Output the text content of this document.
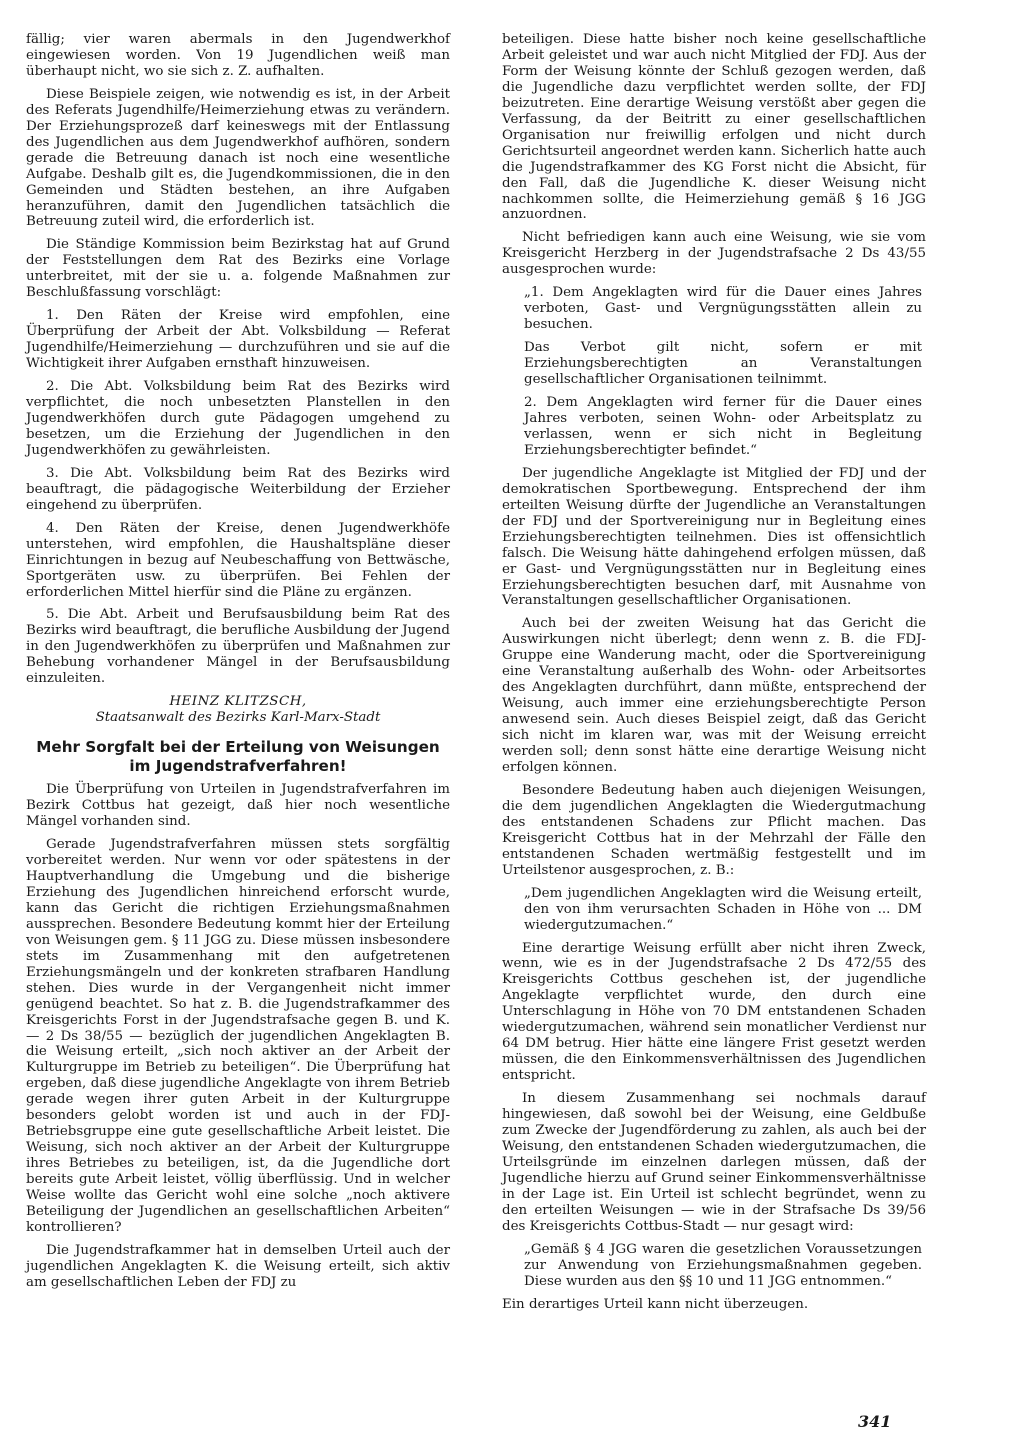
fällig; vier waren abermals in den Jugendwerkhof eingewiesen worden. Von 19 Jugendlichen weiß man überhaupt nicht, wo sie sich z. Z. aufhalten.

Diese Beispiele zeigen, wie notwendig es ist, in der Arbeit des Referats Jugendhilfe/Heimerziehung etwas zu verändern. Der Erziehungsprozeß darf keineswegs mit der Entlassung des Jugendlichen aus dem Jugendwerkhof aufhören, sondern gerade die Betreuung danach ist noch eine wesentliche Aufgabe. Deshalb gilt es, die Jugendkommissionen, die in den Gemeinden und Städten bestehen, an ihre Aufgaben heranzuführen, damit den Jugendlichen tatsächlich die Betreuung zuteil wird, die erforderlich ist.

Die Ständige Kommission beim Bezirkstag hat auf Grund der Feststellungen dem Rat des Bezirks eine Vorlage unterbreitet, mit der sie u. a. folgende Maßnahmen zur Beschlußfassung vorschlägt:

1. Den Räten der Kreise wird empfohlen, eine Überprüfung der Arbeit der Abt. Volksbildung — Referat Jugendhilfe/Heimerziehung — durchzuführen und sie auf die Wichtigkeit ihrer Aufgaben ernsthaft hinzuweisen.
2. Die Abt. Volksbildung beim Rat des Bezirks wird verpflichtet, die noch unbesetzten Planstellen in den Jugendwerkhöfen durch gute Pädagogen umgehend zu besetzen, um die Erziehung der Jugendlichen in den Jugendwerkhöfen zu gewährleisten.
3. Die Abt. Volksbildung beim Rat des Bezirks wird beauftragt, die pädagogische Weiterbildung der Erzieher eingehend zu überprüfen.
4. Den Räten der Kreise, denen Jugendwerkhöfe unterstehen, wird empfohlen, die Haushaltspläne dieser Einrichtungen in bezug auf Neubeschaffung von Bettwäsche, Sportgeräten usw. zu überprüfen. Bei Fehlen der erforderlichen Mittel hierfür sind die Pläne zu ergänzen.
5. Die Abt. Arbeit und Berufsausbildung beim Rat des Bezirks wird beauftragt, die berufliche Ausbildung der Jugend in den Jugendwerkhöfen zu überprüfen und Maßnahmen zur Behebung vorhandener Mängel in der Berufsausbildung einzuleiten.
HEINZ KLITZSCH,
Staatsanwalt des Bezirks Karl-Marx-Stadt
Mehr Sorgfalt bei der Erteilung von Weisungen
im Jugendstrafverfahren!

Die Überprüfung von Urteilen in Jugendstrafverfahren im Bezirk Cottbus hat gezeigt, daß hier noch wesentliche Mängel vorhanden sind.

Gerade Jugendstrafverfahren müssen stets sorgfältig vorbereitet werden. Nur wenn vor oder spätestens in der Hauptverhandlung die Umgebung und die bisherige Erziehung des Jugendlichen hinreichend erforscht wurde, kann das Gericht die richtigen Erziehungsmaßnahmen aussprechen. Besondere Bedeutung kommt hier der Erteilung von Weisungen gem. § 11 JGG zu. Diese müssen insbesondere stets im Zusammenhang mit den aufgetretenen Erziehungsmängeln und der konkreten strafbaren Handlung stehen. Dies wurde in der Vergangenheit nicht immer genügend beachtet. So hat z. B. die Jugendstrafkammer des Kreisgerichts Forst in der Jugendstrafsache gegen B. und K. — 2 Ds 38/55 — bezüglich der jugendlichen Angeklagten B. die Weisung erteilt, „sich noch aktiver an der Arbeit der Kulturgruppe im Betrieb zu beteiligen“. Die Überprüfung hat ergeben, daß diese jugendliche Angeklagte von ihrem Betrieb gerade wegen ihrer guten Arbeit in der Kulturgruppe besonders gelobt worden ist und auch in der FDJ-Betriebsgruppe eine gute gesellschaftliche Arbeit leistet. Die Weisung, sich noch aktiver an der Arbeit der Kulturgruppe ihres Betriebes zu beteiligen, ist, da die Jugendliche dort bereits gute Arbeit leistet, völlig überflüssig. Und in welcher Weise wollte das Gericht wohl eine solche „noch aktivere Beteiligung der Jugendlichen an gesellschaftlichen Arbeiten“ kontrollieren?

Die Jugendstrafkammer hat in demselben Urteil auch der jugendlichen Angeklagten K. die Weisung erteilt, sich aktiv am gesellschaftlichen Leben der FDJ zu

beteiligen. Diese hatte bisher noch keine gesellschaftliche Arbeit geleistet und war auch nicht Mitglied der FDJ. Aus der Form der Weisung könnte der Schluß gezogen werden, daß die Jugendliche dazu verpflichtet werden sollte, der FDJ beizutreten. Eine derartige Weisung verstößt aber gegen die Verfassung, da der Beitritt zu einer gesellschaftlichen Organisation nur freiwillig erfolgen und nicht durch Gerichtsurteil angeordnet werden kann. Sicherlich hatte auch die Jugendstrafkammer des KG Forst nicht die Absicht, für den Fall, daß die Jugendliche K. dieser Weisung nicht nachkommen sollte, die Heimerziehung gemäß § 16 JGG anzuordnen.

Nicht befriedigen kann auch eine Weisung, wie sie vom Kreisgericht Herzberg in der Jugendstrafsache 2 Ds 43/55 ausgesprochen wurde:

„1. Dem Angeklagten wird für die Dauer eines Jahres verboten, Gast- und Vergnügungsstätten allein zu besuchen.
Das Verbot gilt nicht, sofern er mit Erziehungsberechtigten an Veranstaltungen gesellschaftlicher Organisationen teilnimmt.
2. Dem Angeklagten wird ferner für die Dauer eines Jahres verboten, seinen Wohn- oder Arbeitsplatz zu verlassen, wenn er sich nicht in Begleitung Erziehungsberechtigter befindet.“

Der jugendliche Angeklagte ist Mitglied der FDJ und der demokratischen Sportbewegung. Entsprechend der ihm erteilten Weisung dürfte der Jugendliche an Veranstaltungen der FDJ und der Sportvereinigung nur in Begleitung eines Erziehungsberechtigten teilnehmen. Dies ist offensichtlich falsch. Die Weisung hätte dahingehend erfolgen müssen, daß er Gast- und Vergnügungsstätten nur in Begleitung eines Erziehungsberechtigten besuchen darf, mit Ausnahme von Veranstaltungen gesellschaftlicher Organisationen.

Auch bei der zweiten Weisung hat das Gericht die Auswirkungen nicht überlegt; denn wenn z. B. die FDJ-Gruppe eine Wanderung macht, oder die Sportvereinigung eine Veranstaltung außerhalb des Wohn- oder Arbeitsortes des Angeklagten durchführt, dann müßte, entsprechend der Weisung, auch immer eine erziehungsberechtigte Person anwesend sein. Auch dieses Beispiel zeigt, daß das Gericht sich nicht im klaren war, was mit der Weisung erreicht werden soll; denn sonst hätte eine derartige Weisung nicht erfolgen können.

Besondere Bedeutung haben auch diejenigen Weisungen, die dem jugendlichen Angeklagten die Wiedergutmachung des entstandenen Schadens zur Pflicht machen. Das Kreisgericht Cottbus hat in der Mehrzahl der Fälle den entstandenen Schaden wertmäßig festgestellt und im Urteilstenor ausgesprochen, z. B.:

„Dem jugendlichen Angeklagten wird die Weisung erteilt, den von ihm verursachten Schaden in Höhe von ... DM wiedergutzumachen.“

Eine derartige Weisung erfüllt aber nicht ihren Zweck, wenn, wie es in der Jugendstrafsache 2 Ds 472/55 des Kreisgerichts Cottbus geschehen ist, der jugendliche Angeklagte verpflichtet wurde, den durch eine Unterschlagung in Höhe von 70 DM entstandenen Schaden wiedergutzumachen, während sein monatlicher Verdienst nur 64 DM betrug. Hier hätte eine längere Frist gesetzt werden müssen, die den Einkommensverhältnissen des Jugendlichen entspricht.

In diesem Zusammenhang sei nochmals darauf hingewiesen, daß sowohl bei der Weisung, eine Geldbuße zum Zwecke der Jugendförderung zu zahlen, als auch bei der Weisung, den entstandenen Schaden wiedergutzumachen, die Urteilsgründe im einzelnen darlegen müssen, daß der Jugendliche hierzu auf Grund seiner Einkommensverhältnisse in der Lage ist. Ein Urteil ist schlecht begründet, wenn zu den erteilten Weisungen — wie in der Strafsache Ds 39/56 des Kreisgerichts Cottbus-Stadt — nur gesagt wird:

„Gemäß § 4 JGG waren die gesetzlichen Voraussetzungen zur Anwendung von Erziehungsmaßnahmen gegeben. Diese wurden aus den §§ 10 und 11 JGG entnommen.“

Ein derartiges Urteil kann nicht überzeugen.

341
